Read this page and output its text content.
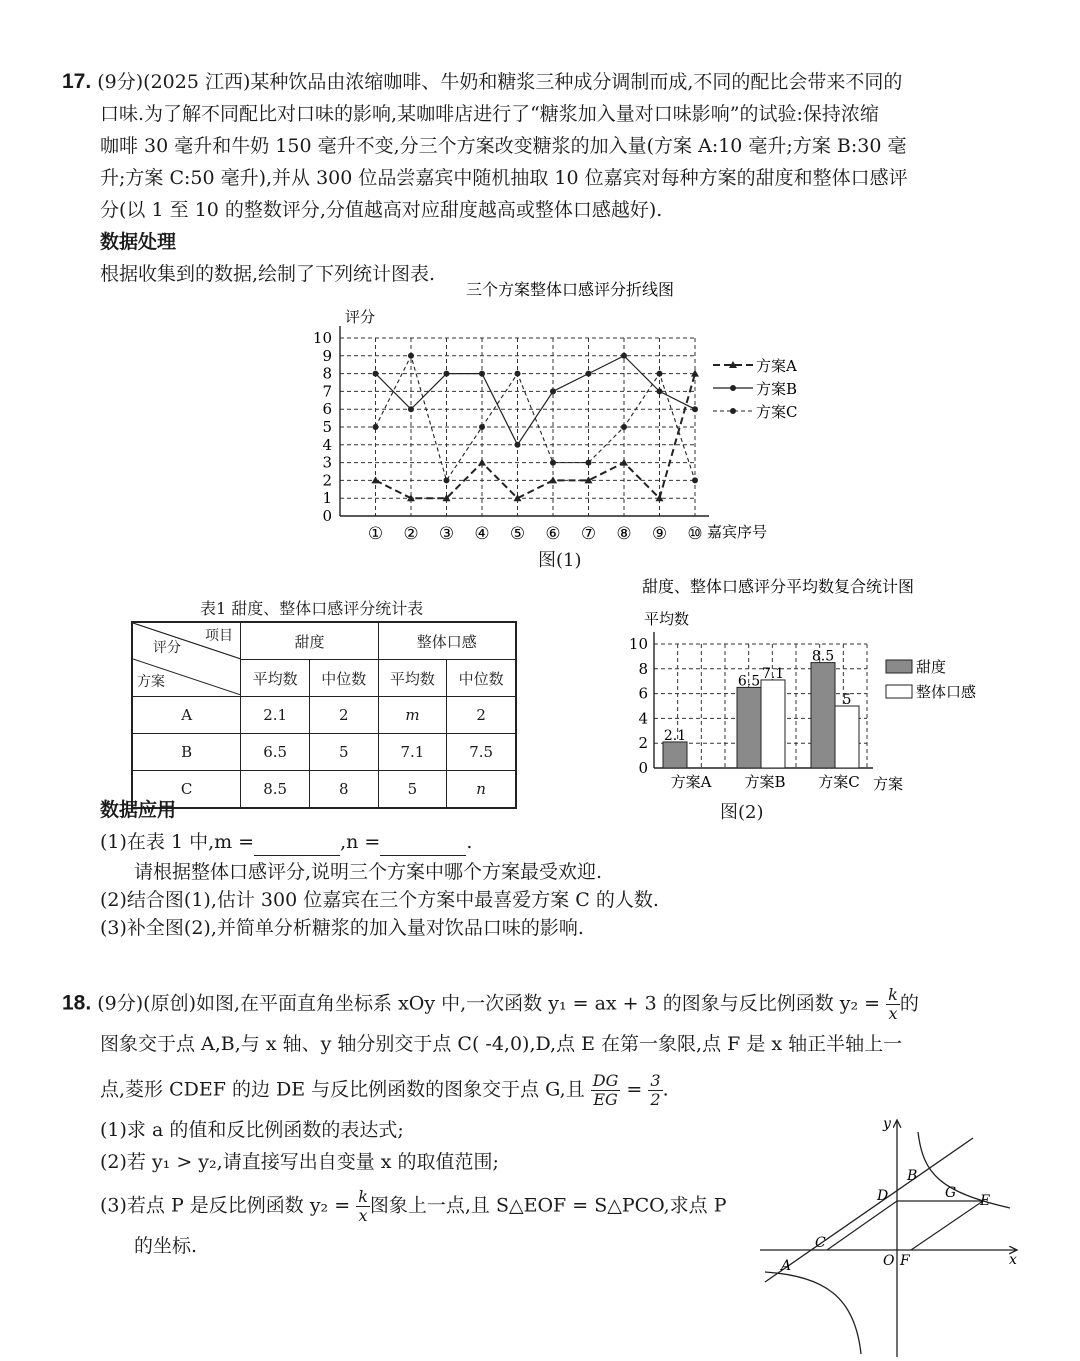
17. (9分)(2025 江西)某种饮品由浓缩咖啡、牛奶和糖浆三种成分调制而成,不同的配比会带来不同的
口味.为了解不同配比对口味的影响,某咖啡店进行了“糖浆加入量对口味影响”的试验:保持浓缩
咖啡 30 毫升和牛奶 150 毫升不变,分三个方案改变糖浆的加入量(方案 A:10 毫升;方案 B:30 毫
升;方案 C:50 毫升),并从 300 位品尝嘉宾中随机抽取 10 位嘉宾对每种方案的甜度和整体口感评
分(以 1 至 10 的整数评分,分值越高对应甜度越高或整体口感越好).
数据处理
根据收集到的数据,绘制了下列统计图表.
三个方案整体口感评分折线图
评分
0
1
2
3
4
5
6
7
8
9
10
① ② ③ ④ ⑤ ⑥ ⑦ ⑧ ⑨ ⑩ 嘉宾序号
方案A
方案B
方案C
图(1)
表1 甜度、整体口感评分统计表
项目
评分
方案	甜度		整体口感	
	平均数	中位数	平均数	中位数
A	2.1	2	m	2
B	6.5	5	7.1	7.5
C	8.5	8	5	n
甜度、整体口感评分平均数复合统计图
平均数
0
2
4
6
8
10
方案
方案A
2.1
方案B
6.5 7.1
方案C
8.5
5
甜度
整体口感
图(2)
数据应用
(1)在表 1 中,m =	,n =	.
请根据整体口感评分,说明三个方案中哪个方案最受欢迎.
(2)结合图(1),估计 300 位嘉宾在三个方案中最喜爱方案 C 的人数.
(3)补全图(2),并简单分析糖浆的加入量对饮品口味的影响.
18. (9分)(原创)如图,在平面直角坐标系 xOy 中,一次函数 y₁ = ax + 3 的图象与反比例函数 $y_2 = \frac{k}{x}$ 的
图象交于点 A,B,与 x 轴、y 轴分别交于点 C( -4,0),D,点 E 在第一象限,点 F 是 x 轴正半轴上一
点,菱形 CDEF 的边 DE 与反比例函数的图象交于点 G,且 $\frac{DG}{EG} = \frac{3}{2}$ .
(1)求 a 的值和反比例函数的表达式;
(2)若 y₁ > y₂,请直接写出自变量 x 的取值范围;
(3)若点 P 是反比例函数 $y_2 = \frac{k}{x}$ 图象上一点,且 S△EOF = S△PCO,求点 P
的坐标.
y
x
O F
A
C
D
B
G E
